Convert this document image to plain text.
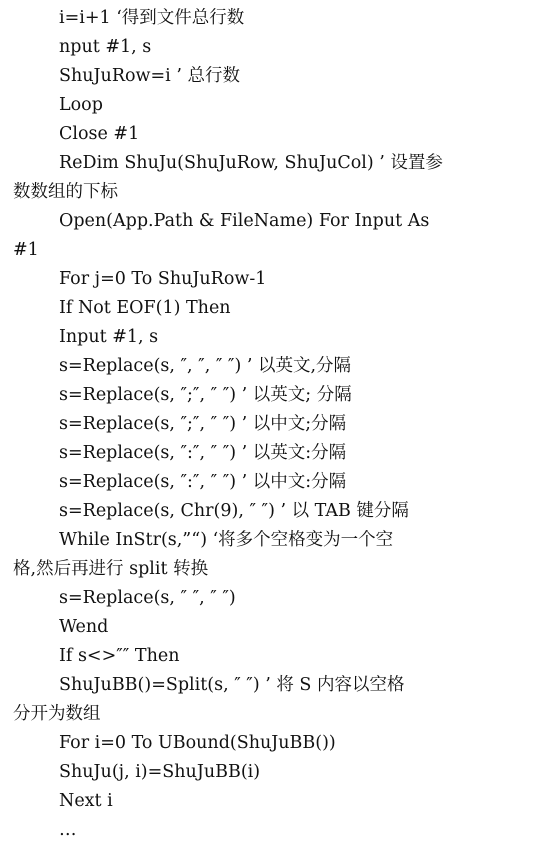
i=i+1 ‘得到文件总行数
nput #1, s
ShuJuRow=i ’ 总行数
Loop
Close #1
ReDim ShuJu(ShuJuRow, ShuJuCol) ’ 设置参
数数组的下标
Open(App.Path & FileName) For Input As
#1
For j=0 To ShuJuRow-1
If Not EOF(1) Then
Input #1, s
s=Replace(s, ″, ″, ″ ″) ’ 以英文,分隔
s=Replace(s, ″;″, ″ ″) ’ 以英文; 分隔
s=Replace(s, ″;″, ″ ″) ’ 以中文;分隔
s=Replace(s, ″:″, ″ ″) ’ 以英文:分隔
s=Replace(s, ″:″, ″ ″) ’ 以中文:分隔
s=Replace(s, Chr(9), ″ ″) ’ 以 TAB 键分隔
While InStr(s,”“) ‘将多个空格变为一个空
格,然后再进行 split 转换
s=Replace(s, ″ ″, ″ ″)
Wend
If s<>″″ Then
ShuJuBB()=Split(s, ″ ″) ’ 将 S 内容以空格
分开为数组
For i=0 To UBound(ShuJuBB())
ShuJu(j, i)=ShuJuBB(i)
Next i
…
